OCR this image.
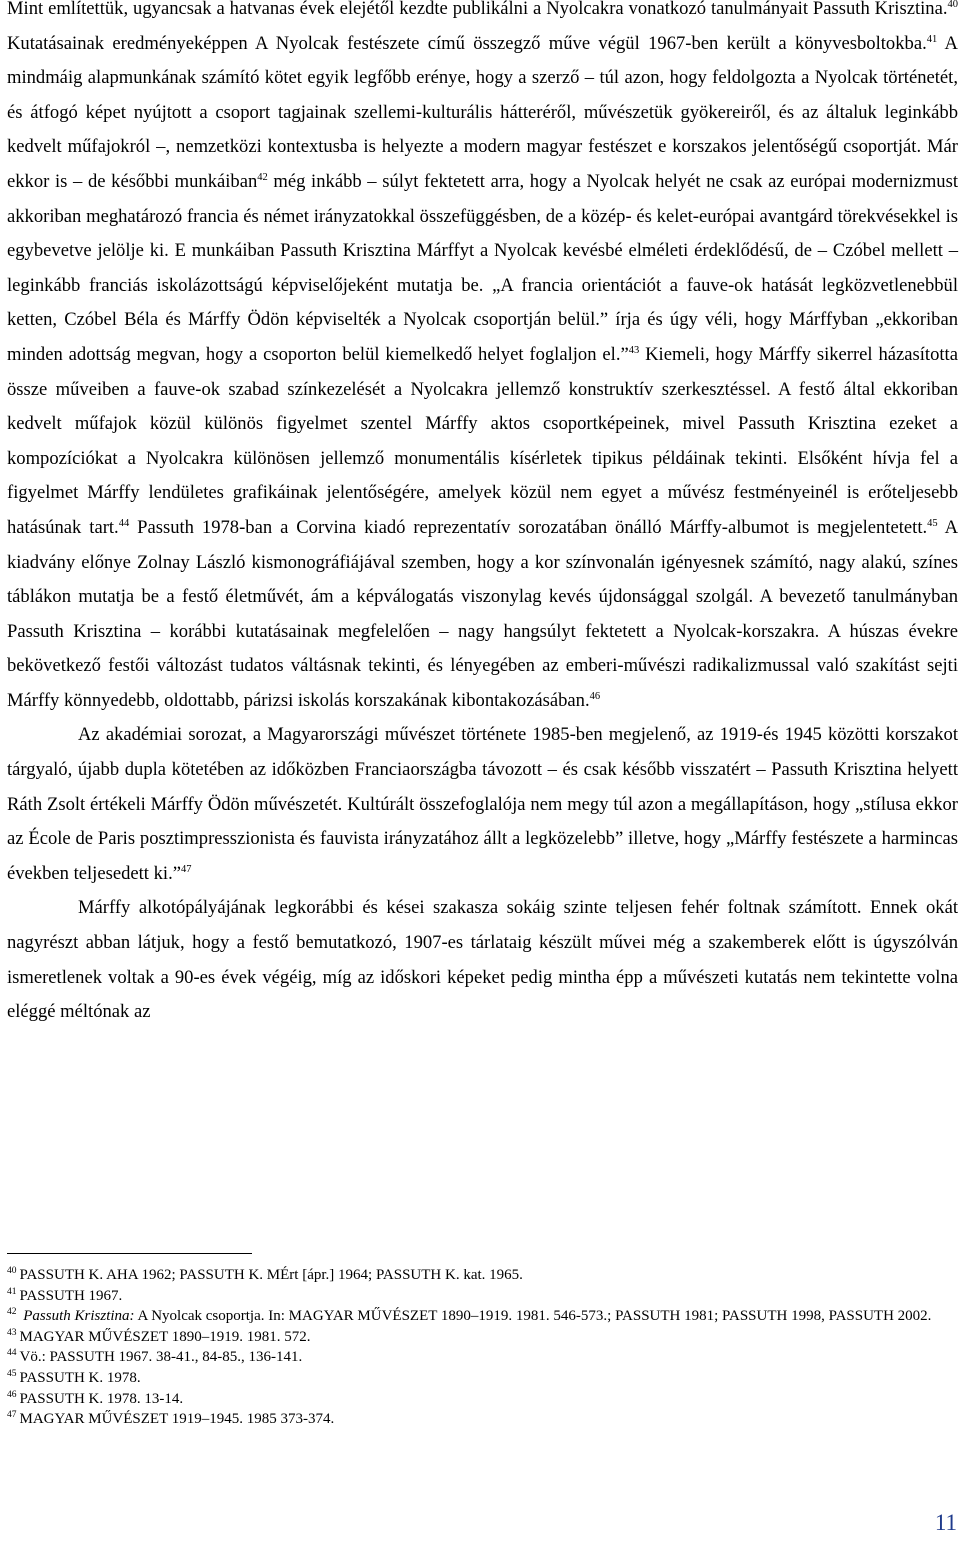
Mint említettük, ugyancsak a hatvanas évek elejétől kezdte publikálni a Nyolcakra vonatkozó tanulmányait Passuth Krisztina.$^{40}$ Kutatásainak eredményeképpen A Nyolcak festészete című összegző műve végül 1967-ben került a könyvesboltokba.$^{41}$ A mindmáig alapmunkának számító kötet egyik legfőbb erénye, hogy a szerző – túl azon, hogy feldolgozta a Nyolcak történetét, és átfogó képet nyújtott a csoport tagjainak szellemi-kulturális hátteréről, művészetük gyökereiről, és az általuk leginkább kedvelt műfajokról –, nemzetközi kontextusba is helyezte a modern magyar festészet e korszakos jelentőségű csoportját. Már ekkor is – de későbbi munkáiban$^{42}$ még inkább – súlyt fektetett arra, hogy a Nyolcak helyét ne csak az európai modernizmust akkoriban meghatározó francia és német irányzatokkal összefüggésben, de a közép- és kelet-európai avantgárd törekvésekkel is egybevetve jelölje ki. E munkáiban Passuth Krisztina Márffyt a Nyolcak kevésbé elméleti érdeklődésű, de – Czóbel mellett – leginkább franciás iskolázottságú képviselőjeként mutatja be. „A francia orientációt a fauve-ok hatását legközvetlenebbül ketten, Czóbel Béla és Márffy Ödön képviselték a Nyolcak csoportján belül.” írja és úgy véli, hogy Márffyban „ekkoriban minden adottság megvan, hogy a csoporton belül kiemelkedő helyet foglaljon el.”$^{43}$ Kiemeli, hogy Márffy sikerrel házasította össze műveiben a fauve-ok szabad színkezelését a Nyolcakra jellemző konstruktív szerkesztéssel. A festő által ekkoriban kedvelt műfajok közül különös figyelmet szentel Márffy aktos csoportképeinek, mivel Passuth Krisztina ezeket a kompozíciókat a Nyolcakra különösen jellemző monumentális kísérletek tipikus példáinak tekinti. Elsőként hívja fel a figyelmet Márffy lendületes grafikáinak jelentőségére, amelyek közül nem egyet a művész festményeinél is erőteljesebb hatásúnak tart.$^{44}$ Passuth 1978-ban a Corvina kiadó reprezentatív sorozatában önálló Márffy-albumot is megjelentetett.$^{45}$ A kiadvány előnye Zolnay László kismonográfiájával szemben, hogy a kor színvonalán igényesnek számító, nagy alakú, színes táblákon mutatja be a festő életművét, ám a képválogatás viszonylag kevés újdonsággal szolgál. A bevezető tanulmányban Passuth Krisztina – korábbi kutatásainak megfelelően – nagy hangsúlyt fektetett a Nyolcak-korszakra. A húszas évekre bekövetkező festői változást tudatos váltásnak tekinti, és lényegében az emberi-művészi radikalizmussal való szakítást sejti Márffy könnyedebb, oldottabb, párizsi iskolás korszakának kibontakozásában.$^{46}$

Az akadémiai sorozat, a Magyarországi művészet története 1985-ben megjelenő, az 1919-és 1945 közötti korszakot tárgyaló, újabb dupla kötetében az időközben Franciaországba távozott – és csak később visszatért – Passuth Krisztina helyett Ráth Zsolt értékeli Márffy Ödön művészetét. Kultúrált összefoglalója nem megy túl azon a megállapításon, hogy „stílusa ekkor az École de Paris posztimpresszionista és fauvista irányzatához állt a legközelebb” illetve, hogy „Márffy festészete a harmincas években teljesedett ki.”$^{47}$

Márffy alkotópályájának legkorábbi és kései szakasza sokáig szinte teljesen fehér foltnak számított. Ennek okát nagyrészt abban látjuk, hogy a festő bemutatkozó, 1907-es tárlataig készült művei még a szakemberek előtt is úgyszólván ismeretlenek voltak a 90-es évek végéig, míg az időskori képeket pedig mintha épp a művészeti kutatás nem tekintette volna eléggé méltónak az

$^{40}$ PASSUTH K. AHA 1962; PASSUTH K. MÉrt [ápr.] 1964; PASSUTH K. kat. 1965.

$^{41}$ PASSUTH 1967.

$^{42}$ Passuth Krisztina: A Nyolcak csoportja. In: MAGYAR MŰVÉSZET 1890–1919. 1981. 546-573.; PASSUTH 1981; PASSUTH 1998, PASSUTH 2002.

$^{43}$ MAGYAR MŰVÉSZET 1890–1919. 1981. 572.

$^{44}$ Vö.: PASSUTH 1967. 38-41., 84-85., 136-141.

$^{45}$ PASSUTH K. 1978.

$^{46}$ PASSUTH K. 1978. 13-14.

$^{47}$ MAGYAR MŰVÉSZET 1919–1945. 1985 373-374.

11
